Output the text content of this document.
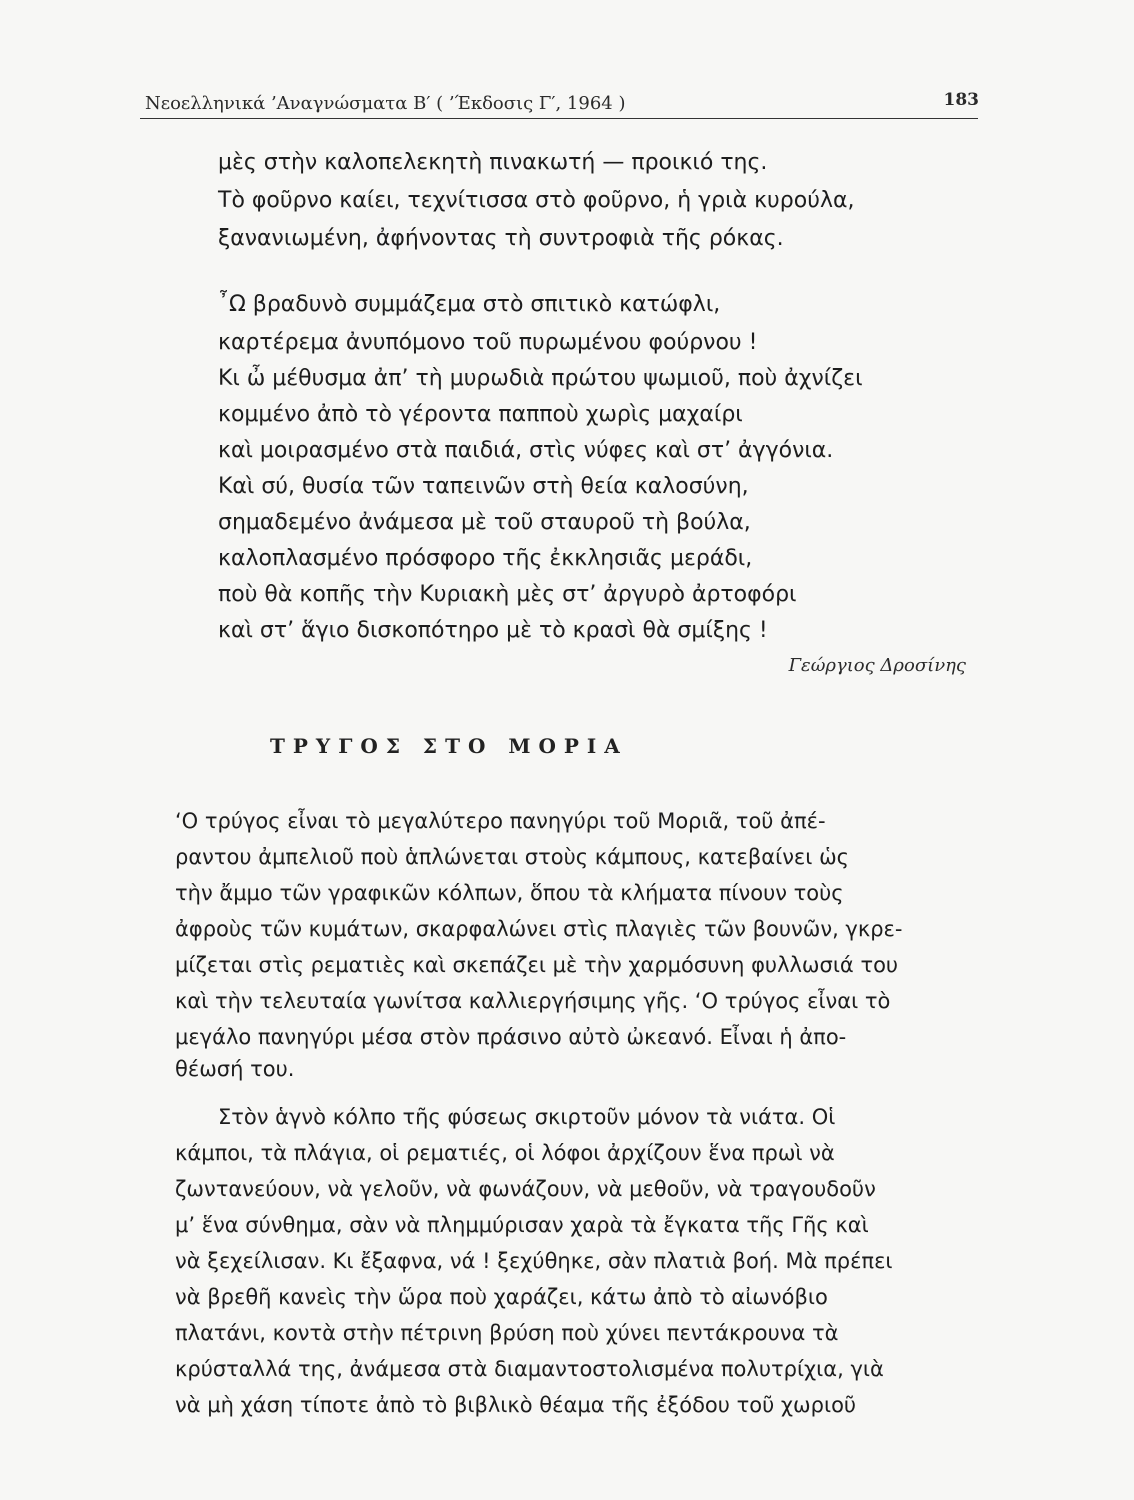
Νεοελληνικά ’Αναγνώσματα Β′ ( ’Έκδοσις Γ′, 1964 )	183
μὲς στὴν καλοπελεκητὴ πινακωτή — προικιό της.
Τὸ φοῦρνο καίει, τεχνίτισσα στὸ φοῦρνο, ἡ γριὰ κυρούλα,
ξανανιωμένη, ἀφήνοντας τὴ συντροφιὰ τῆς ρόκας.
῏Ω βραδυνὸ συμμάζεμα στὸ σπιτικὸ κατώφλι,
καρτέρεμα ἀνυπόμονο τοῦ πυρωμένου φούρνου !
Κι ὦ μέθυσμα ἀπ’ τὴ μυρωδιὰ πρώτου ψωμιοῦ, ποὺ ἀχνίζει
κομμένο ἀπὸ τὸ γέροντα παπποὺ χωρὶς μαχαίρι
καὶ μοιρασμένο στὰ παιδιά, στὶς νύφες καὶ στ’ ἀγγόνια.
Καὶ σύ, θυσία τῶν ταπεινῶν στὴ θεία καλοσύνη,
σημαδεμένο ἀνάμεσα μὲ τοῦ σταυροῦ τὴ βούλα,
καλοπλασμένο πρόσφορο τῆς ἐκκλησιᾶς μεράδι,
ποὺ θὰ κοπῆς τὴν Κυριακὴ μὲς στ’ ἀργυρὸ ἀρτοφόρι
καὶ στ’ ἅγιο δισκοπότηρο μὲ τὸ κρασὶ θὰ σμίξης !
Γεώργιος Δροσίνης
ΤΡΥΓΟΣ ΣΤΟ ΜΟΡΙΑ
‘Ο τρύγος εἶναι τὸ μεγαλύτερο πανηγύρι τοῦ Μοριᾶ, τοῦ ἀπέ-
ραντου ἀμπελιοῦ ποὺ ἁπλώνεται στοὺς κάμπους, κατεβαίνει ὡς
τὴν ἄμμο τῶν γραφικῶν κόλπων, ὅπου τὰ κλήματα πίνουν τοὺς
ἀφροὺς τῶν κυμάτων, σκαρφαλώνει στὶς πλαγιὲς τῶν βουνῶν, γκρε-
μίζεται στὶς ρεματιὲς καὶ σκεπάζει μὲ τὴν χαρμόσυνη φυλλωσιά του
καὶ τὴν τελευταία γωνίτσα καλλιεργήσιμης γῆς. ‘Ο τρύγος εἶναι τὸ
μεγάλο πανηγύρι μέσα στὸν πράσινο αὐτὸ ὠκεανό. Εἶναι ἡ ἀπο-
θέωσή του.
Στὸν ἁγνὸ κόλπο τῆς φύσεως σκιρτοῦν μόνον τὰ νιάτα. Οἱ
κάμποι, τὰ πλάγια, οἱ ρεματιές, οἱ λόφοι ἀρχίζουν ἕνα πρωὶ νὰ
ζωντανεύουν, νὰ γελοῦν, νὰ φωνάζουν, νὰ μεθοῦν, νὰ τραγουδοῦν
μ’ ἕνα σύνθημα, σὰν νὰ πλημμύρισαν χαρὰ τὰ ἔγκατα τῆς Γῆς καὶ
νὰ ξεχείλισαν. Κι ἔξαφνα, νά ! ξεχύθηκε, σὰν πλατιὰ βοή. Μὰ πρέπει
νὰ βρεθῆ κανεὶς τὴν ὥρα ποὺ χαράζει, κάτω ἀπὸ τὸ αἰωνόβιο
πλατάνι, κοντὰ στὴν πέτρινη βρύση ποὺ χύνει πεντάκρουνα τὰ
κρύσταλλά της, ἀνάμεσα στὰ διαμαντοστολισμένα πολυτρίχια, γιὰ
νὰ μὴ χάση τίποτε ἀπὸ τὸ βιβλικὸ θέαμα τῆς ἐξόδου τοῦ χωριοῦ
